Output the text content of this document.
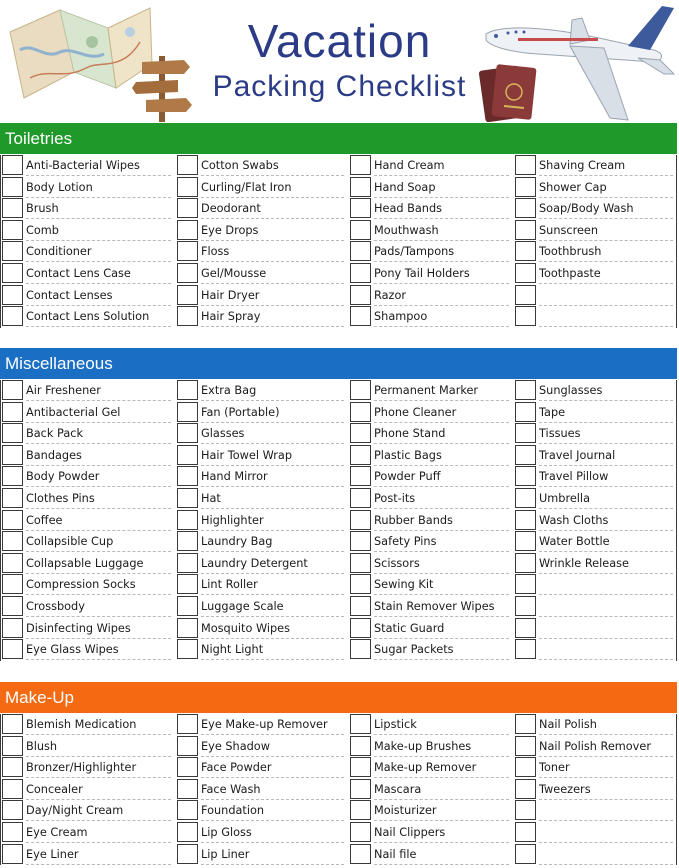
Vacation
Packing Checklist
Toiletries
Anti-Bacterial Wipes	Cotton Swabs	Hand Cream	Shaving Cream
Body Lotion	Curling/Flat Iron	Hand Soap	Shower Cap
Brush	Deodorant	Head Bands	Soap/Body Wash
Comb	Eye Drops	Mouthwash	Sunscreen
Conditioner	Floss	Pads/Tampons	Toothbrush
Contact Lens Case	Gel/Mousse	Pony Tail Holders	Toothpaste
Contact Lenses	Hair Dryer	Razor
Contact Lens Solution	Hair Spray	Shampoo
Miscellaneous
Air Freshener	Extra Bag	Permanent Marker	Sunglasses
Antibacterial Gel	Fan (Portable)	Phone Cleaner	Tape
Back Pack	Glasses	Phone Stand	Tissues
Bandages	Hair Towel Wrap	Plastic Bags	Travel Journal
Body Powder	Hand Mirror	Powder Puff	Travel Pillow
Clothes Pins	Hat	Post-its	Umbrella
Coffee	Highlighter	Rubber Bands	Wash Cloths
Collapsible Cup	Laundry Bag	Safety Pins	Water Bottle
Collapsable Luggage	Laundry Detergent	Scissors	Wrinkle Release
Compression Socks	Lint Roller	Sewing Kit
Crossbody	Luggage Scale	Stain Remover Wipes
Disinfecting Wipes	Mosquito Wipes	Static Guard
Eye Glass Wipes	Night Light	Sugar Packets
Make-Up
Blemish Medication	Eye Make-up Remover	Lipstick	Nail Polish
Blush	Eye Shadow	Make-up Brushes	Nail Polish Remover
Bronzer/Highlighter	Face Powder	Make-up Remover	Toner
Concealer	Face Wash	Mascara	Tweezers
Day/Night Cream	Foundation	Moisturizer
Eye Cream	Lip Gloss	Nail Clippers
Eye Liner	Lip Liner	Nail file
